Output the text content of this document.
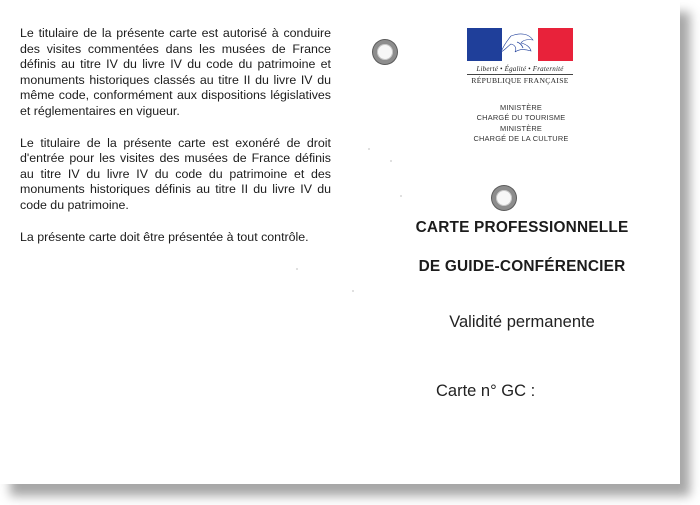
Le titulaire de la présente carte est autorisé à conduire des visites commentées dans les musées de France définis au titre IV du livre IV du code du patrimoine et monuments historiques classés au titre II du livre IV du même code, conformément aux dispositions législatives et réglementaires en vigueur.

Le titulaire de la présente carte est exonéré de droit d'entrée pour les visites des musées de France définis au titre IV du livre IV du code du patrimoine et des monuments historiques définis au titre II du livre IV du code du patrimoine.

La présente carte doit être présentée à tout contrôle.

Liberté • Égalité • Fraternité
RÉPUBLIQUE FRANÇAISE
MINISTÈRE
CHARGÉ DU TOURISME
MINISTÈRE
CHARGÉ DE LA CULTURE
CARTE PROFESSIONNELLE
DE GUIDE-CONFÉRENCIER
Validité permanente
Carte n° GC :
